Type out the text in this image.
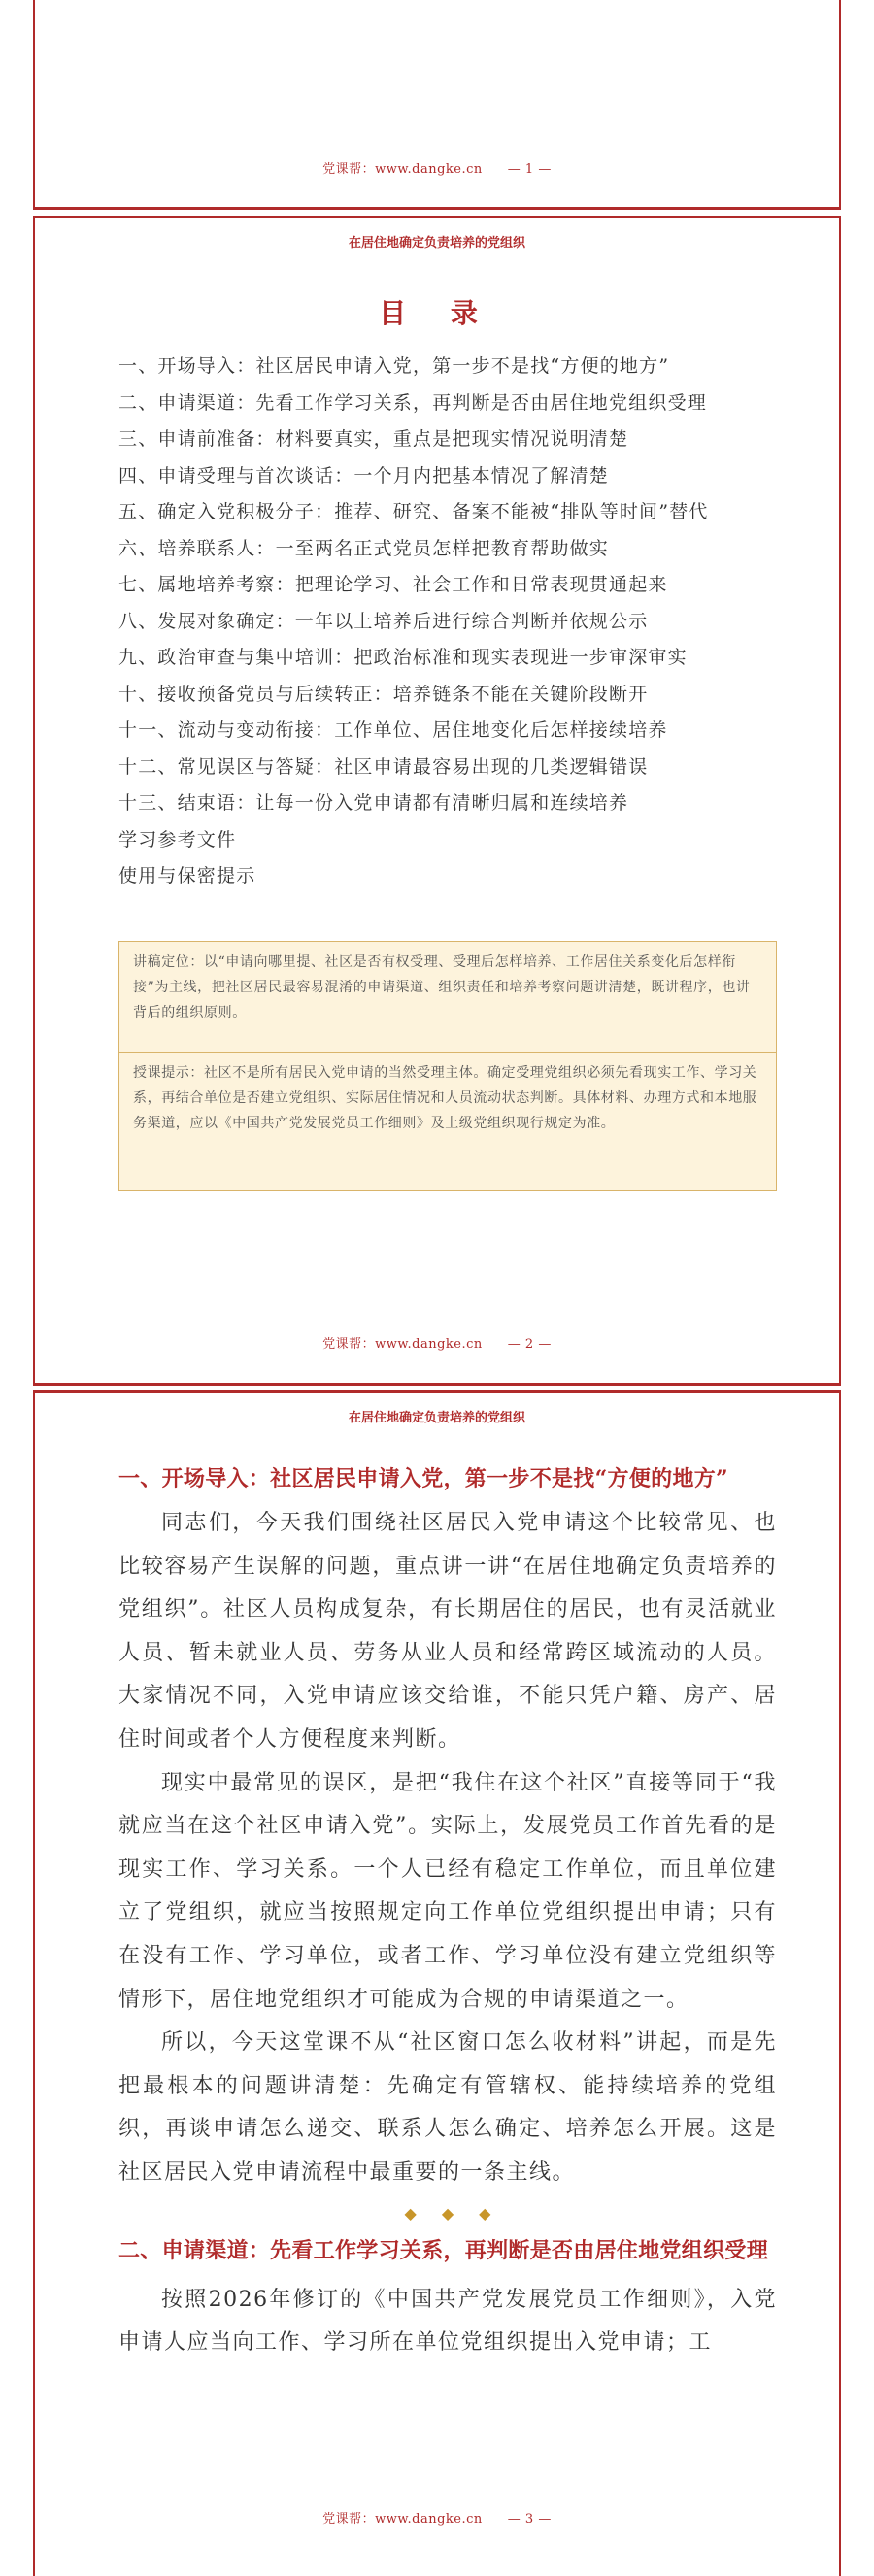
党课帮：www.dangke.cn — 1 —
在居住地确定负责培养的党组织
目 录

一、开场导入：社区居民申请入党，第一步不是找“方便的地方”

二、申请渠道：先看工作学习关系，再判断是否由居住地党组织受理

三、申请前准备：材料要真实，重点是把现实情况说明清楚

四、申请受理与首次谈话：一个月内把基本情况了解清楚

五、确定入党积极分子：推荐、研究、备案不能被“排队等时间”替代

六、培养联系人：一至两名正式党员怎样把教育帮助做实

七、属地培养考察：把理论学习、社会工作和日常表现贯通起来

八、发展对象确定：一年以上培养后进行综合判断并依规公示

九、政治审查与集中培训：把政治标准和现实表现进一步审深审实

十、接收预备党员与后续转正：培养链条不能在关键阶段断开

十一、流动与变动衔接：工作单位、居住地变化后怎样接续培养

十二、常见误区与答疑：社区申请最容易出现的几类逻辑错误

十三、结束语：让每一份入党申请都有清晰归属和连续培养

学习参考文件

使用与保密提示

讲稿定位：以“申请向哪里提、社区是否有权受理、受理后怎样培养、工作居住关系变化后怎样衔接”为主线，把社区居民最容易混淆的申请渠道、组织责任和培养考察问题讲清楚，既讲程序，也讲背后的组织原则。

授课提示：社区不是所有居民入党申请的当然受理主体。确定受理党组织必须先看现实工作、学习关系，再结合单位是否建立党组织、实际居住情况和人员流动状态判断。具体材料、办理方式和本地服务渠道，应以《中国共产党发展党员工作细则》及上级党组织现行规定为准。

党课帮：www.dangke.cn — 2 —
在居住地确定负责培养的党组织
一、开场导入：社区居民申请入党，第一步不是找“方便的地方”

同志们，今天我们围绕社区居民入党申请这个比较常见、也比较容易产生误解的问题，重点讲一讲“在居住地确定负责培养的党组织”。社区人员构成复杂，有长期居住的居民，也有灵活就业人员、暂未就业人员、劳务从业人员和经常跨区域流动的人员。大家情况不同，入党申请应该交给谁，不能只凭户籍、房产、居住时间或者个人方便程度来判断。

现实中最常见的误区，是把“我住在这个社区”直接等同于“我就应当在这个社区申请入党”。实际上，发展党员工作首先看的是现实工作、学习关系。一个人已经有稳定工作单位，而且单位建立了党组织，就应当按照规定向工作单位党组织提出申请；只有在没有工作、学习单位，或者工作、学习单位没有建立党组织等情形下，居住地党组织才可能成为合规的申请渠道之一。

所以，今天这堂课不从“社区窗口怎么收材料”讲起，而是先把最根本的问题讲清楚：先确定有管辖权、能持续培养的党组织，再谈申请怎么递交、联系人怎么确定、培养怎么开展。这是社区居民入党申请流程中最重要的一条主线。

◆◆◆
二、申请渠道：先看工作学习关系，再判断是否由居住地党组织受理

按照2026年修订的《中国共产党发展党员工作细则》，入党申请人应当向工作、学习所在单位党组织提出入党申请；工

党课帮：www.dangke.cn — 3 —
